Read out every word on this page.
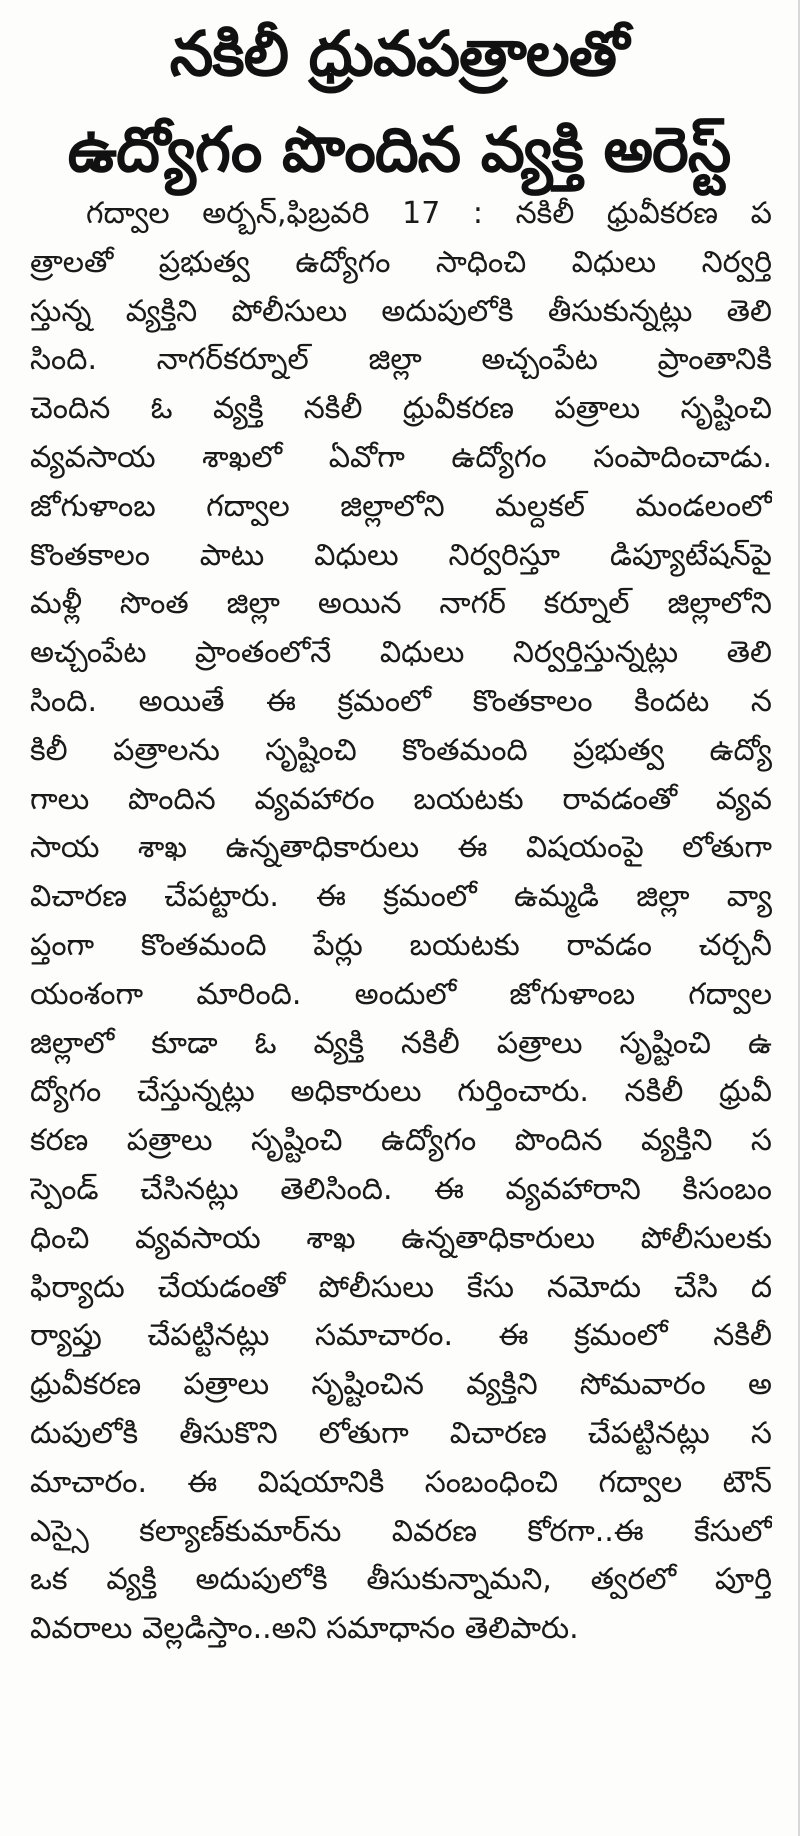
నకిలీ ధ్రువపత్రాలతో
ఉద్యోగం పొందిన వ్యక్తి అరెస్ట్
గద్వాల అర్బన్,ఫిబ్రవరి 17 : నకిలీ ధ్రువీకరణ ప
త్రాలతో ప్రభుత్వ ఉద్యోగం సాధించి విధులు నిర్వర్తి
స్తున్న వ్యక్తిని పోలీసులు అదుపులోకి తీసుకున్నట్లు తెలి
సింది. నాగర్‌కర్నూల్ జిల్లా అచ్చంపేట ప్రాంతానికి
చెందిన ఓ వ్యక్తి నకిలీ ధ్రువీకరణ పత్రాలు సృష్టించి
వ్యవసాయ శాఖలో ఏవోగా ఉద్యోగం సంపాదించాడు.
జోగుళాంబ గద్వాల జిల్లాలోని మల్దకల్ మండలంలో
కొంతకాలం పాటు విధులు నిర్వరిస్తూ డిప్యూటేషన్‌పై
మళ్లీ సొంత జిల్లా అయిన నాగర్ కర్నూల్ జిల్లాలోని
అచ్చంపేట ప్రాంతంలోనే విధులు నిర్వర్తిస్తున్నట్లు తెలి
సింది. అయితే ఈ క్రమంలో కొంతకాలం కిందట న
కిలీ పత్రాలను సృష్టించి కొంతమంది ప్రభుత్వ ఉద్యో
గాలు పొందిన వ్యవహారం బయటకు రావడంతో వ్యవ
సాయ శాఖ ఉన్నతాధికారులు ఈ విషయంపై లోతుగా
విచారణ చేపట్టారు. ఈ క్రమంలో ఉమ్మడి జిల్లా వ్యా
ప్తంగా కొంతమంది పేర్లు బయటకు రావడం చర్చనీ
యంశంగా మారింది. అందులో జోగుళాంబ గద్వాల
జిల్లాలో కూడా ఓ వ్యక్తి నకిలీ పత్రాలు సృష్టించి ఉ
ద్యోగం చేస్తున్నట్లు అధికారులు గుర్తించారు. నకిలీ ధ్రువీ
కరణ పత్రాలు సృష్టించి ఉద్యోగం పొందిన వ్యక్తిని స
స్పెండ్ చేసినట్లు తెలిసింది. ఈ వ్యవహారాని కిసంబం
ధించి వ్యవసాయ శాఖ ఉన్నతాధికారులు పోలీసులకు
ఫిర్యాదు చేయడంతో పోలీసులు కేసు నమోదు చేసి ద
ర్యాప్తు చేపట్టినట్లు సమాచారం. ఈ క్రమంలో నకిలీ
ధ్రువీకరణ పత్రాలు సృష్టించిన వ్యక్తిని సోమవారం అ
దుపులోకి తీసుకొని లోతుగా విచారణ చేపట్టినట్లు స
మాచారం. ఈ విషయానికి సంబంధించి గద్వాల టౌన్
ఎస్సై కల్యాణ్‌కుమార్‌ను వివరణ కోరగా..ఈ కేసులో
ఒక వ్యక్తి అదుపులోకి తీసుకున్నామని, త్వరలో పూర్తి
వివరాలు వెల్లడిస్తాం..అని సమాధానం తెలిపారు.
